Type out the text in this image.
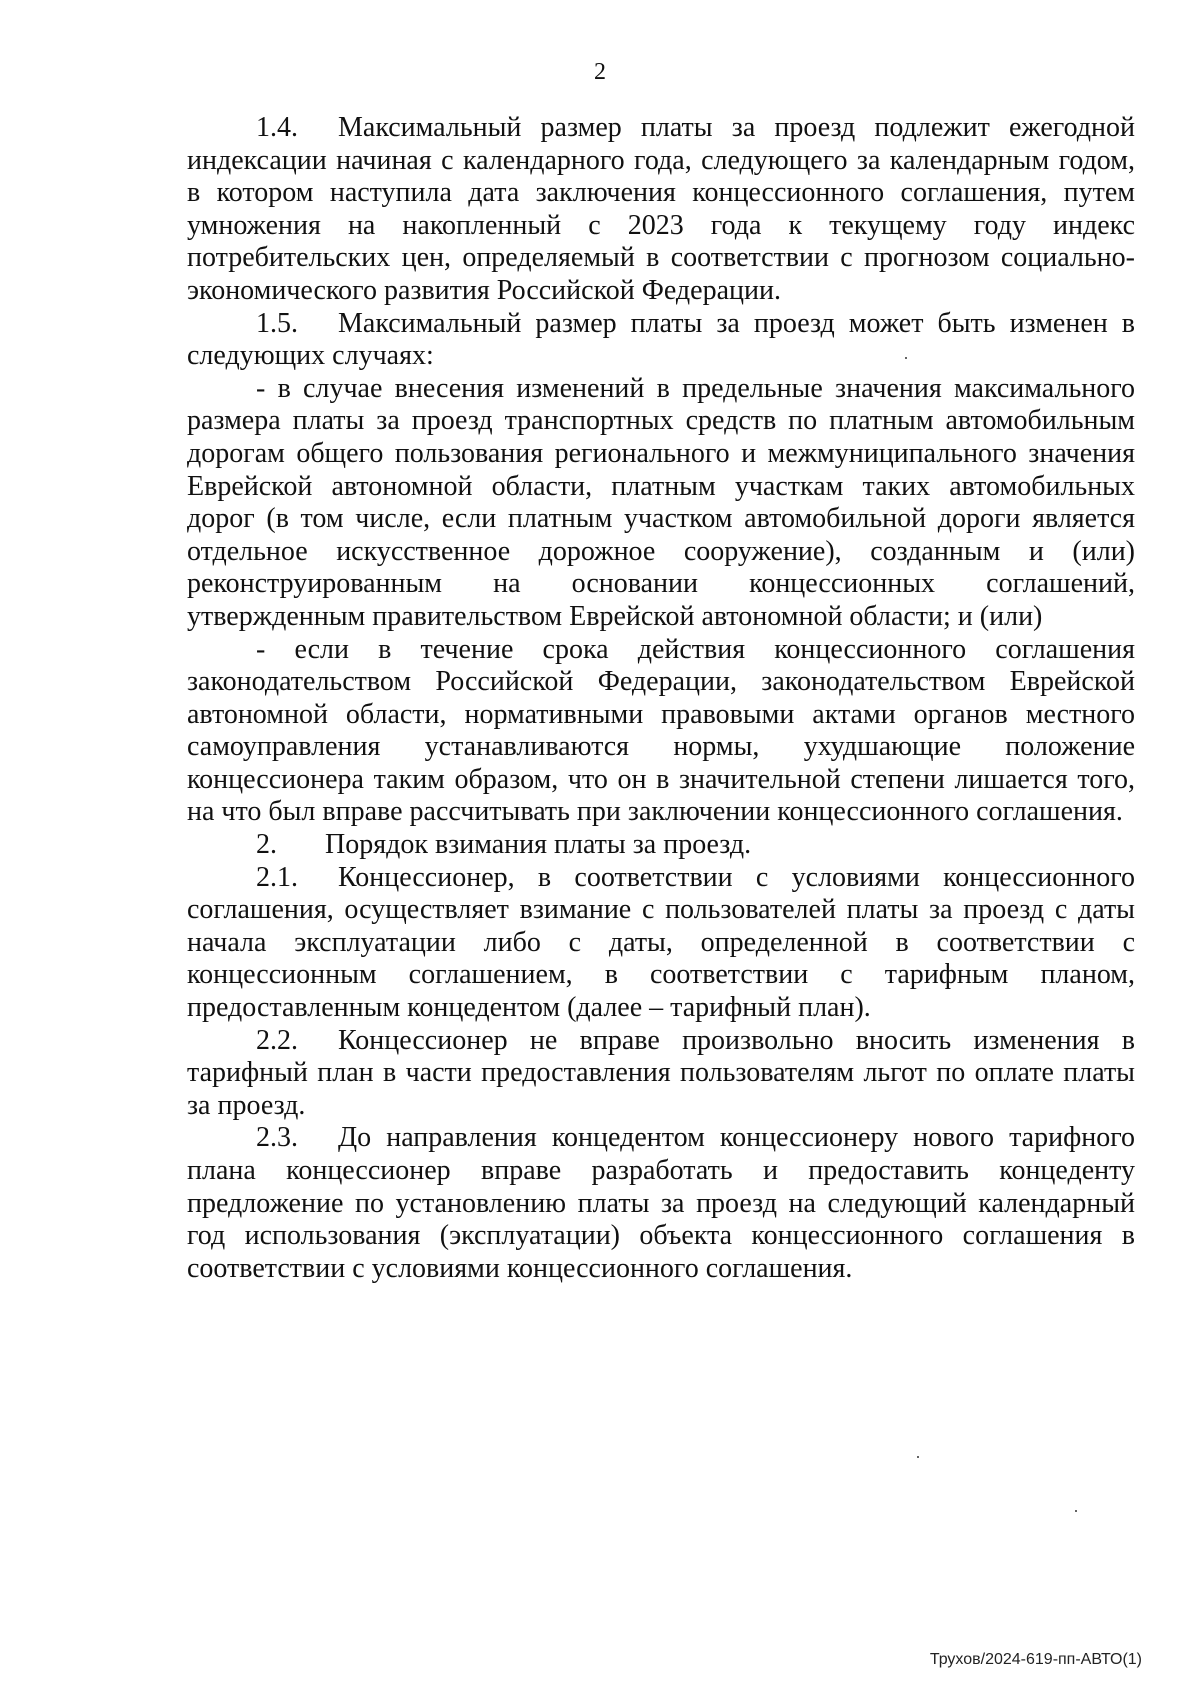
2

1.4. Максимальный размер платы за проезд подлежит ежегодной индексации начиная с календарного года, следующего за календарным годом, в котором наступила дата заключения концессионного соглашения, путем умножения на накопленный с 2023 года к текущему году индекс потребительских цен, определяемый в соответствии с прогнозом социально-экономического развития Российской Федерации.

1.5. Максимальный размер платы за проезд может быть изменен в следующих случаях:

- в случае внесения изменений в предельные значения максимального размера платы за проезд транспортных средств по платным автомобильным дорогам общего пользования регионального и межмуниципального значения Еврейской автономной области, платным участкам таких автомобильных дорог (в том числе, если платным участком автомобильной дороги является отдельное искусственное дорожное сооружение), созданным и (или) реконструированным на основании концессионных соглашений, утвержденным правительством Еврейской автономной области; и (или)

- если в течение срока действия концессионного соглашения законодательством Российской Федерации, законодательством Еврейской автономной области, нормативными правовыми актами органов местного самоуправления устанавливаются нормы, ухудшающие положение концессионера таким образом, что он в значительной степени лишается того, на что был вправе рассчитывать при заключении концессионного соглашения.

2. Порядок взимания платы за проезд.

2.1. Концессионер, в соответствии с условиями концессионного соглашения, осуществляет взимание с пользователей платы за проезд с даты начала эксплуатации либо с даты, определенной в соответствии с концессионным соглашением, в соответствии с тарифным планом, предоставленным концедентом (далее – тарифный план).

2.2. Концессионер не вправе произвольно вносить изменения в тарифный план в части предоставления пользователям льгот по оплате платы за проезд.

2.3. До направления концедентом концессионеру нового тарифного плана концессионер вправе разработать и предоставить концеденту предложение по установлению платы за проезд на следующий календарный год использования (эксплуатации) объекта концессионного соглашения в соответствии с условиями концессионного соглашения.

Трухов/2024-619-пп-АВТО(1)
